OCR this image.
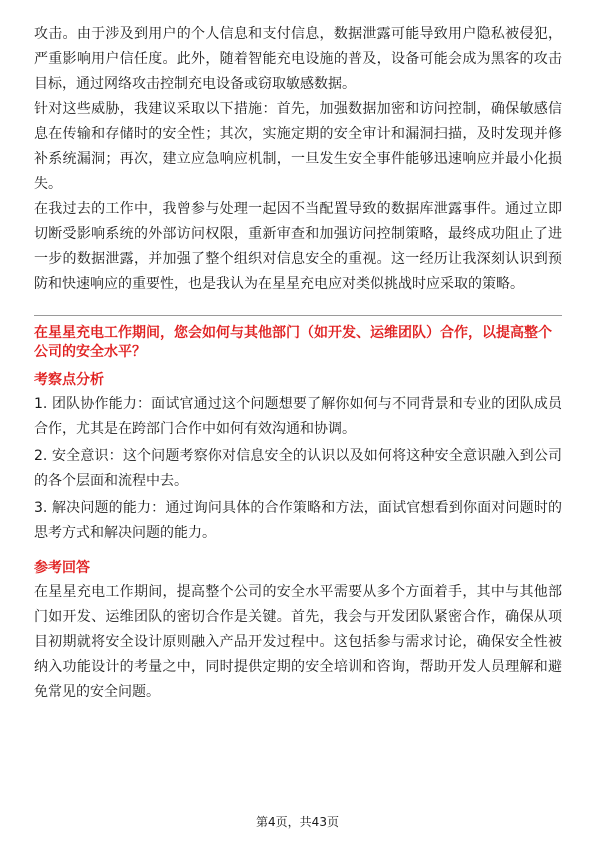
攻击。由于涉及到用户的个人信息和支付信息，数据泄露可能导致用户隐私被侵犯，严重影响用户信任度。此外，随着智能充电设施的普及，设备可能会成为黑客的攻击目标，通过网络攻击控制充电设备或窃取敏感数据。

针对这些威胁，我建议采取以下措施：首先，加强数据加密和访问控制，确保敏感信息在传输和存储时的安全性；其次，实施定期的安全审计和漏洞扫描，及时发现并修补系统漏洞；再次，建立应急响应机制，一旦发生安全事件能够迅速响应并最小化损失。

在我过去的工作中，我曾参与处理一起因不当配置导致的数据库泄露事件。通过立即切断受影响系统的外部访问权限，重新审查和加强访问控制策略，最终成功阻止了进一步的数据泄露，并加强了整个组织对信息安全的重视。这一经历让我深刻认识到预防和快速响应的重要性，也是我认为在星星充电应对类似挑战时应采取的策略。

在星星充电工作期间，您会如何与其他部门（如开发、运维团队）合作，以提高整个公司的安全水平？

考察点分析

1. 团队协作能力：面试官通过这个问题想要了解你如何与不同背景和专业的团队成员合作，尤其是在跨部门合作中如何有效沟通和协调。

2. 安全意识：这个问题考察你对信息安全的认识以及如何将这种安全意识融入到公司的各个层面和流程中去。

3. 解决问题的能力：通过询问具体的合作策略和方法，面试官想看到你面对问题时的思考方式和解决问题的能力。

参考回答

在星星充电工作期间，提高整个公司的安全水平需要从多个方面着手，其中与其他部门如开发、运维团队的密切合作是关键。首先，我会与开发团队紧密合作，确保从项目初期就将安全设计原则融入产品开发过程中。这包括参与需求讨论，确保安全性被纳入功能设计的考量之中，同时提供定期的安全培训和咨询，帮助开发人员理解和避免常见的安全问题。

第4页，共43页
